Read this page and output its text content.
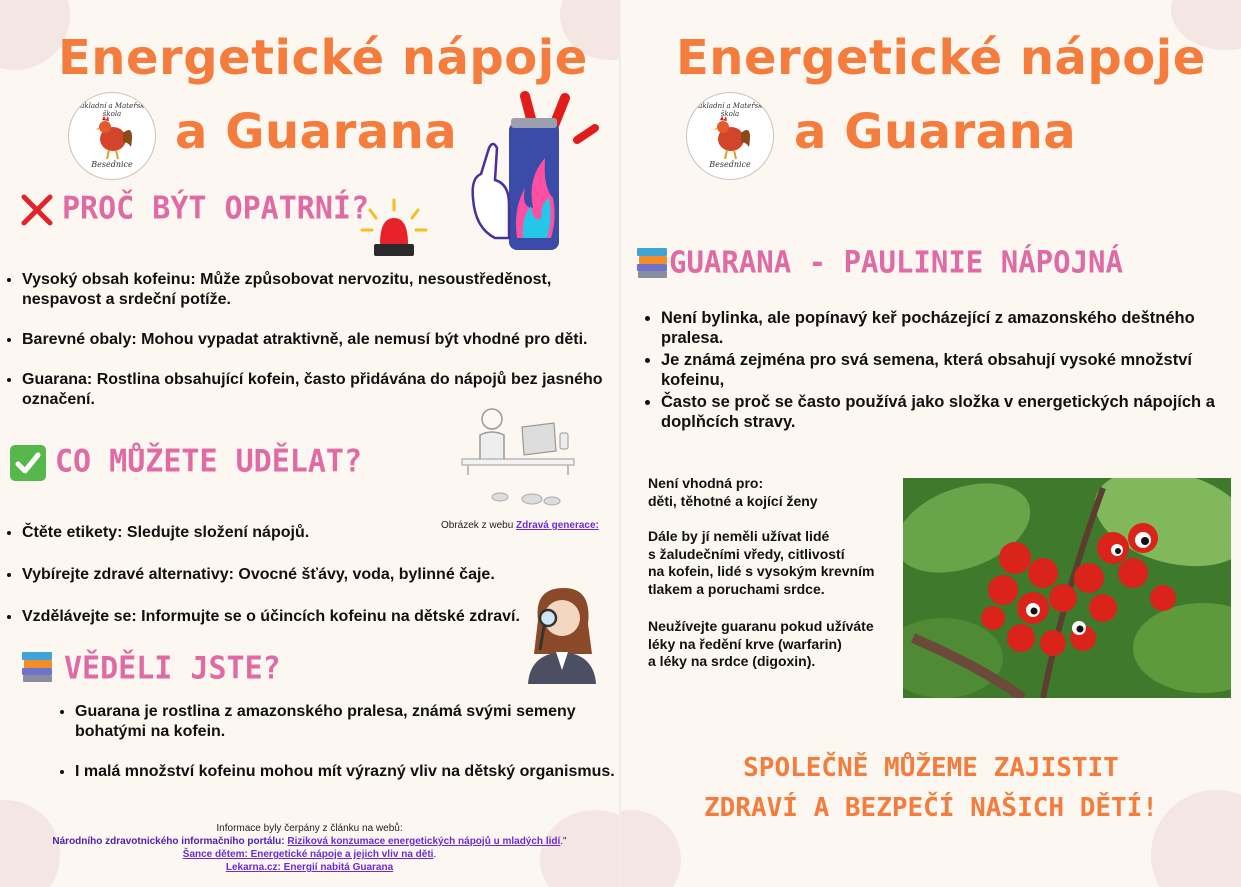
Energetické nápoje
a Guarana
Základní a Mateřská škola
Besednice
PROČ BÝT OPATRNÍ?
• Vysoký obsah kofeinu: Může způsobovat nervozitu, nesoustředěnost, nespavost a srdeční potíže.
• Barevné obaly: Mohou vypadat atraktivně, ale nemusí být vhodné pro děti.
• Guarana: Rostlina obsahující kofein, často přidávána do nápojů bez jasného označení.
CO MŮŽETE UDĚLAT?
Obrázek z webu Zdravá generace:
• Čtěte etikety: Sledujte složení nápojů.
• Vybírejte zdravé alternativy: Ovocné šťávy, voda, bylinné čaje.
• Vzdělávejte se: Informujte se o účincích kofeinu na dětské zdraví.
VĚDĚLI JSTE?
• Guarana je rostlina z amazonského pralesa, známá svými semeny bohatými na kofein.
• I malá množství kofeinu mohou mít výrazný vliv na dětský organismus.
Informace byly čerpány z článku na webů:
Národního zdravotnického informačního portálu: Riziková konzumace energetických nápojů u mladých lidí."
Šance dětem: Energetické nápoje a jejich vliv na děti.
Lekarna.cz: Energií nabitá Guarana
Energetické nápoje
a Guarana
Základní a Mateřská škola
Besednice
GUARANA - PAULINIE NÁPOJNÁ
• Není bylinka, ale popínavý keř pocházející z amazonského deštného pralesa.
• Je známá zejména pro svá semena, která obsahují vysoké množství kofeinu,
• Často se proč se často používá jako složka v energetických nápojích a doplňcích stravy.
Není vhodná pro:
děti, těhotné a kojící ženy
Dále by jí neměli užívat lidé
s žaludečními vředy, citlivostí
na kofein, lidé s vysokým krevním
tlakem a poruchami srdce.
Neužívejte guaranu pokud užíváte
léky na ředění krve (warfarin)
a léky na srdce (digoxin).
SPOLEČNĚ MŮŽEME ZAJISTIT
ZDRAVÍ A BEZPEČÍ NAŠICH DĚTÍ!
